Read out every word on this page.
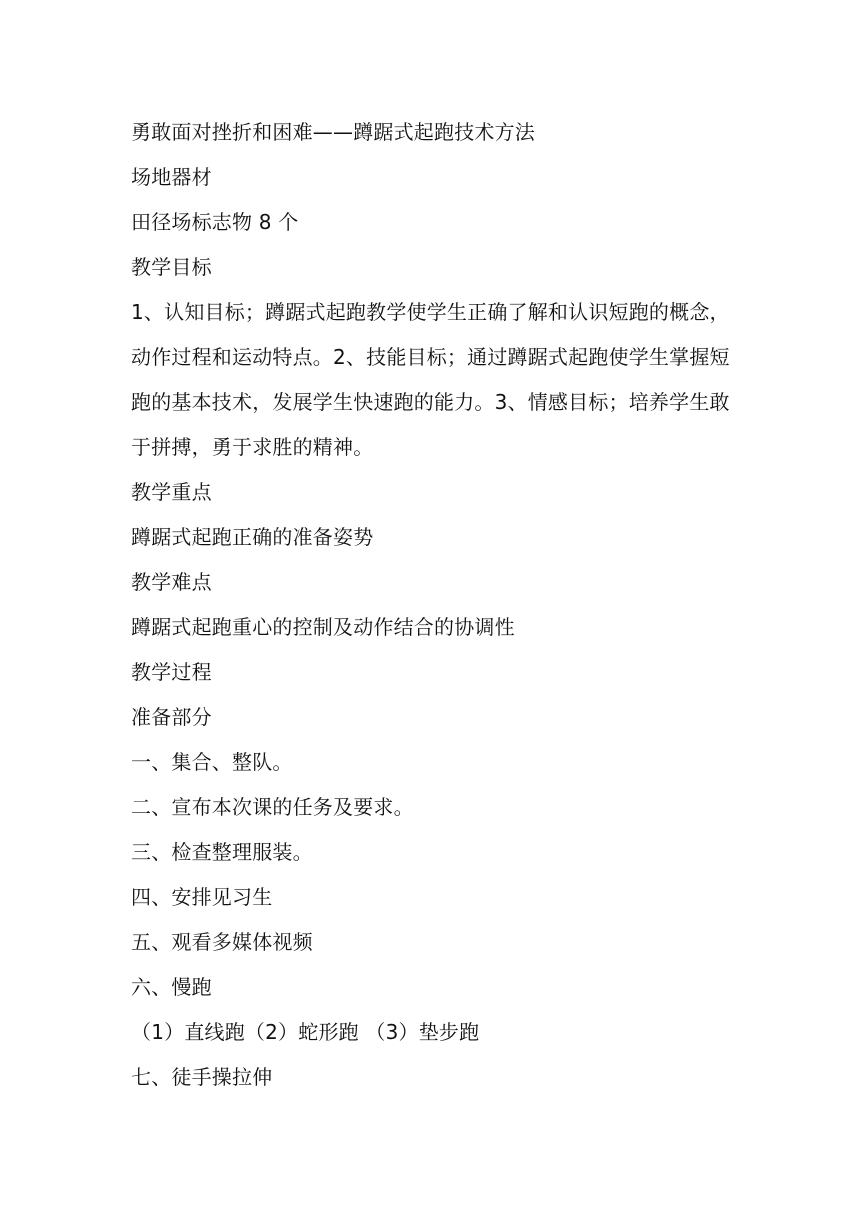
勇敢面对挫折和困难——蹲踞式起跑技术方法
场地器材
田径场标志物 8 个
教学目标
1、认知目标；蹲踞式起跑教学使学生正确了解和认识短跑的概念，动作过程和运动特点。2、技能目标；通过蹲踞式起跑使学生掌握短跑的基本技术，发展学生快速跑的能力。3、情感目标；培养学生敢于拼搏，勇于求胜的精神。
教学重点
蹲踞式起跑正确的准备姿势
教学难点
蹲踞式起跑重心的控制及动作结合的协调性
教学过程
准备部分
一、集合、整队。
二、宣布本次课的任务及要求。
三、检查整理服装。
四、安排见习生
五、观看多媒体视频
六、慢跑
（1）直线跑（2）蛇形跑 （3）垫步跑
七、徒手操拉伸
